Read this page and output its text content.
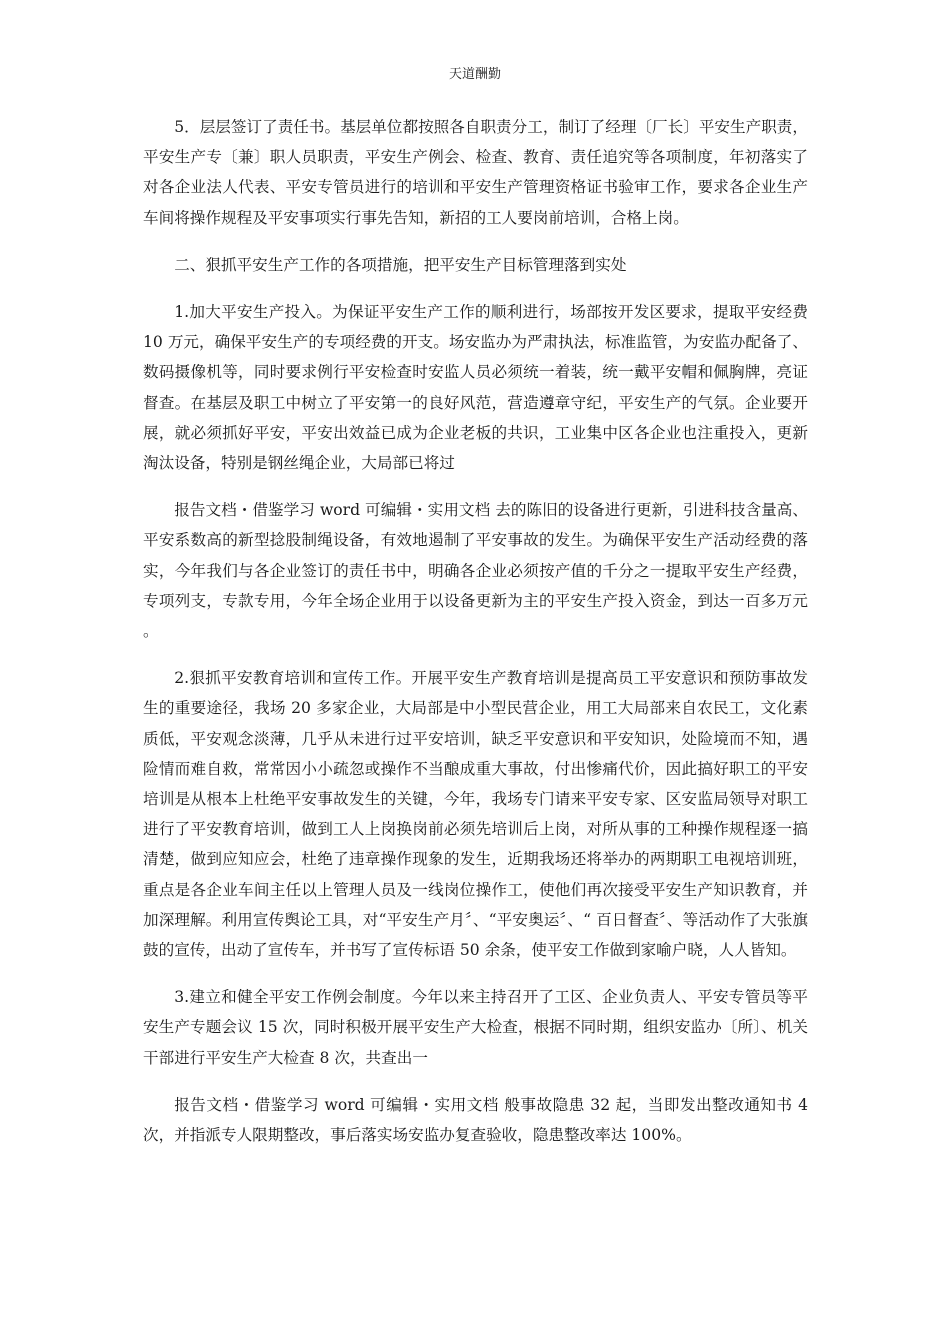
天道酬勤

5．层层签订了责任书。基层单位都按照各自职责分工，制订了经理〔厂长〕平安生产职责，平安生产专〔兼〕职人员职责，平安生产例会、检查、教育、责任追究等各项制度，年初落实了对各企业法人代表、平安专管员进行的培训和平安生产管理资格证书验审工作，要求各企业生产车间将操作规程及平安事项实行事先告知，新招的工人要岗前培训，合格上岗。

二、狠抓平安生产工作的各项措施，把平安生产目标管理落到实处

1.加大平安生产投入。为保证平安生产工作的顺利进行，场部按开发区要求，提取平安经费 10 万元，确保平安生产的专项经费的开支。场安监办为严肃执法，标准监管，为安监办配备了、数码摄像机等，同时要求例行平安检查时安监人员必须统一着装，统一戴平安帽和佩胸牌，亮证督查。在基层及职工中树立了平安第一的良好风范，营造遵章守纪，平安生产的气氛。企业要开展，就必须抓好平安，平安出效益已成为企业老板的共识，工业集中区各企业也注重投入，更新淘汰设备，特别是钢丝绳企业，大局部已将过

报告文档・借鉴学习 word 可编辑・实用文档 去的陈旧的设备进行更新，引进科技含量高、平安系数高的新型捻股制绳设备，有效地遏制了平安事故的发生。为确保平安生产活动经费的落实，今年我们与各企业签订的责任书中，明确各企业必须按产值的千分之一提取平安生产经费，专项列支，专款专用，今年全场企业用于以设备更新为主的平安生产投入资金，到达一百多万元。

2.狠抓平安教育培训和宣传工作。开展平安生产教育培训是提高员工平安意识和预防事故发生的重要途径，我场 20 多家企业，大局部是中小型民营企业，用工大局部来自农民工，文化素质低，平安观念淡薄，几乎从未进行过平安培训，缺乏平安意识和平安知识，处险境而不知，遇险情而难自救，常常因小小疏忽或操作不当酿成重大事故，付出惨痛代价，因此搞好职工的平安培训是从根本上杜绝平安事故发生的关键，今年，我场专门请来平安专家、区安监局领导对职工进行了平安教育培训，做到工人上岗换岗前必须先培训后上岗，对所从事的工种操作规程逐一搞清楚，做到应知应会，杜绝了违章操作现象的发生，近期我场还将举办的两期职工电视培训班，重点是各企业车间主任以上管理人员及一线岗位操作工，使他们再次接受平安生产知识教育，并加深理解。利用宣传舆论工具，对“平安生产月〞、“平安奥运〞、“ 百日督查〞、等活动作了大张旗鼓的宣传，出动了宣传车，并书写了宣传标语 50 余条，使平安工作做到家喻户晓，人人皆知。

3.建立和健全平安工作例会制度。今年以来主持召开了工区、企业负责人、平安专管员等平安生产专题会议 15 次，同时积极开展平安生产大检查，根据不同时期，组织安监办〔所〕、机关干部进行平安生产大检查 8 次，共查出一

报告文档・借鉴学习 word 可编辑・实用文档 般事故隐患 32 起，当即发出整改通知书 4 次，并指派专人限期整改，事后落实场安监办复查验收，隐患整改率达 100%。
